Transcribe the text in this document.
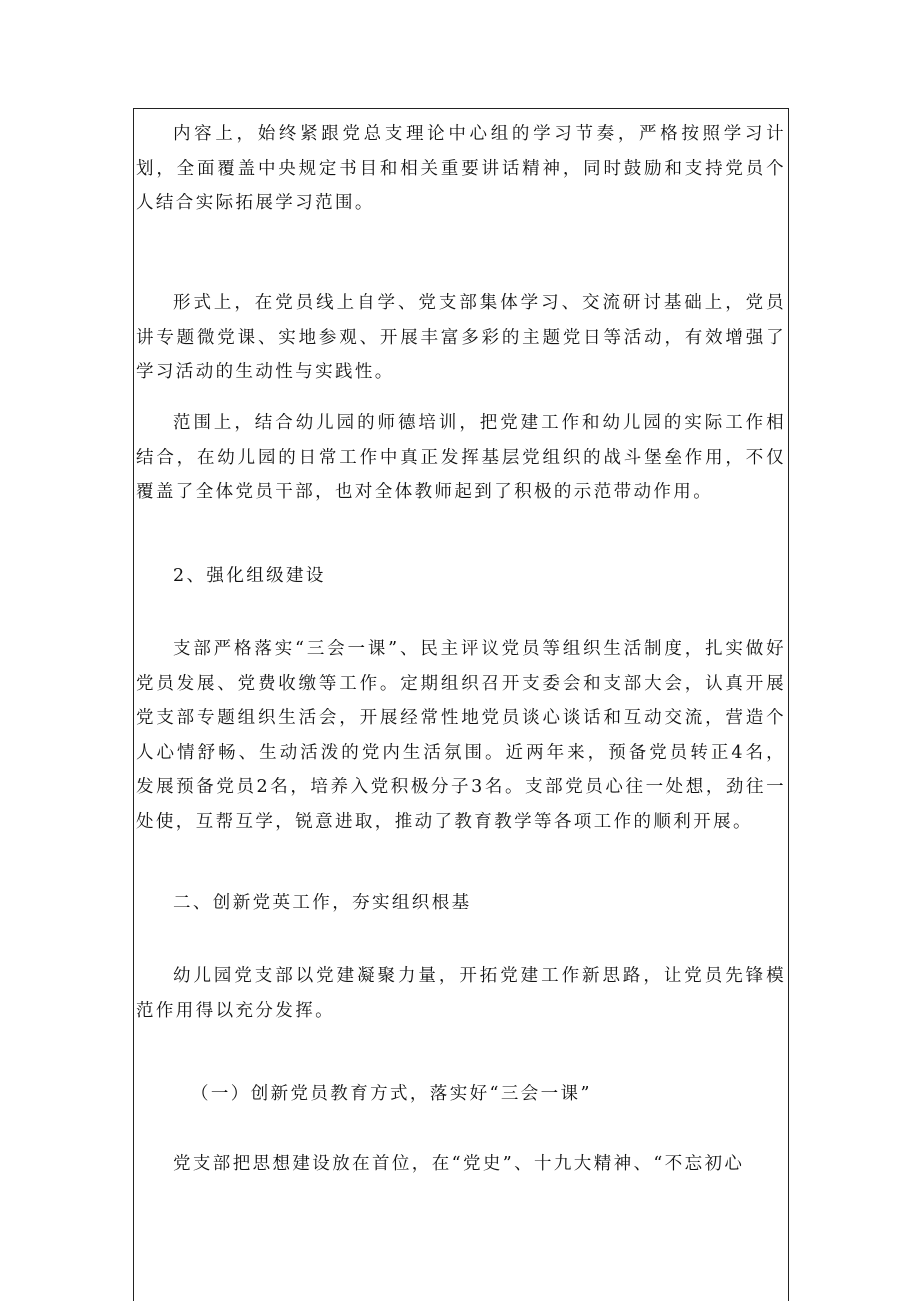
内容上，始终紧跟党总支理论中心组的学习节奏，严格按照学习计划，全面覆盖中央规定书目和相关重要讲话精神，同时鼓励和支持党员个人结合实际拓展学习范围。

形式上，在党员线上自学、党支部集体学习、交流研讨基础上，党员讲专题微党课、实地参观、开展丰富多彩的主题党日等活动，有效增强了学习活动的生动性与实践性。

范围上，结合幼儿园的师德培训，把党建工作和幼儿园的实际工作相结合，在幼儿园的日常工作中真正发挥基层党组织的战斗堡垒作用，不仅覆盖了全体党员干部，也对全体教师起到了积极的示范带动作用。

2、强化组级建设

支部严格落实“三会一课”、民主评议党员等组织生活制度，扎实做好党员发展、党费收缴等工作。定期组织召开支委会和支部大会，认真开展党支部专题组织生活会，开展经常性地党员谈心谈话和互动交流，营造个人心情舒畅、生动活泼的党内生活氛围。近两年来，预备党员转正4名，发展预备党员2名，培养入党积极分子3名。支部党员心往一处想，劲往一处使，互帮互学，锐意进取，推动了教育教学等各项工作的顺利开展。

二、创新党英工作，夯实组织根基

幼儿园党支部以党建凝聚力量，开拓党建工作新思路，让党员先锋模范作用得以充分发挥。

（一）创新党员教育方式，落实好“三会一课”

党支部把思想建设放在首位，在“党史”、十九大精神、“不忘初心
